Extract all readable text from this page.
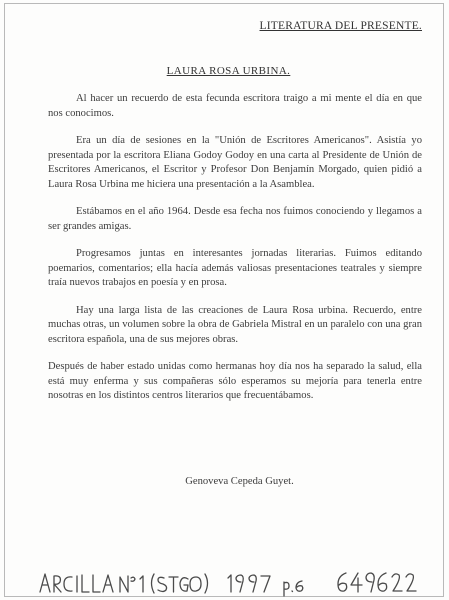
LITERATURA DEL PRESENTE.
LAURA ROSA URBINA.

Al hacer un recuerdo de esta fecunda escritora traigo a mi mente el día en que nos conocimos.

Era un día de sesiones en la "Unión de Escritores Americanos". Asistía yo presentada por la escritora Eliana Godoy Godoy en una carta al Presidente de Unión de Escritores Americanos, el Escritor y Profesor Don Benjamín Morgado, quien pidió a Laura Rosa Urbina me hiciera una presentación a la Asamblea.

Estábamos en el año 1964. Desde esa fecha nos fuimos conociendo y llegamos a ser grandes amigas.

Progresamos juntas en interesantes jornadas literarias. Fuimos editando poemarios, comentarios; ella hacía además valiosas presentaciones teatrales y siempre traía nuevos trabajos en poesía y en prosa.

Hay una larga lista de las creaciones de Laura Rosa urbina. Recuerdo, entre muchas otras, un volumen sobre la obra de Gabriela Mistral en un paralelo con una gran escritora española, una de sus mejores obras.

Después de haber estado unidas como hermanas hoy día nos ha separado la salud, ella está muy enferma y sus compañeras sólo esperamos su mejoría para tenerla entre nosotras en los distintos centros literarios que frecuentábamos.

Genoveva Cepeda Guyet.
